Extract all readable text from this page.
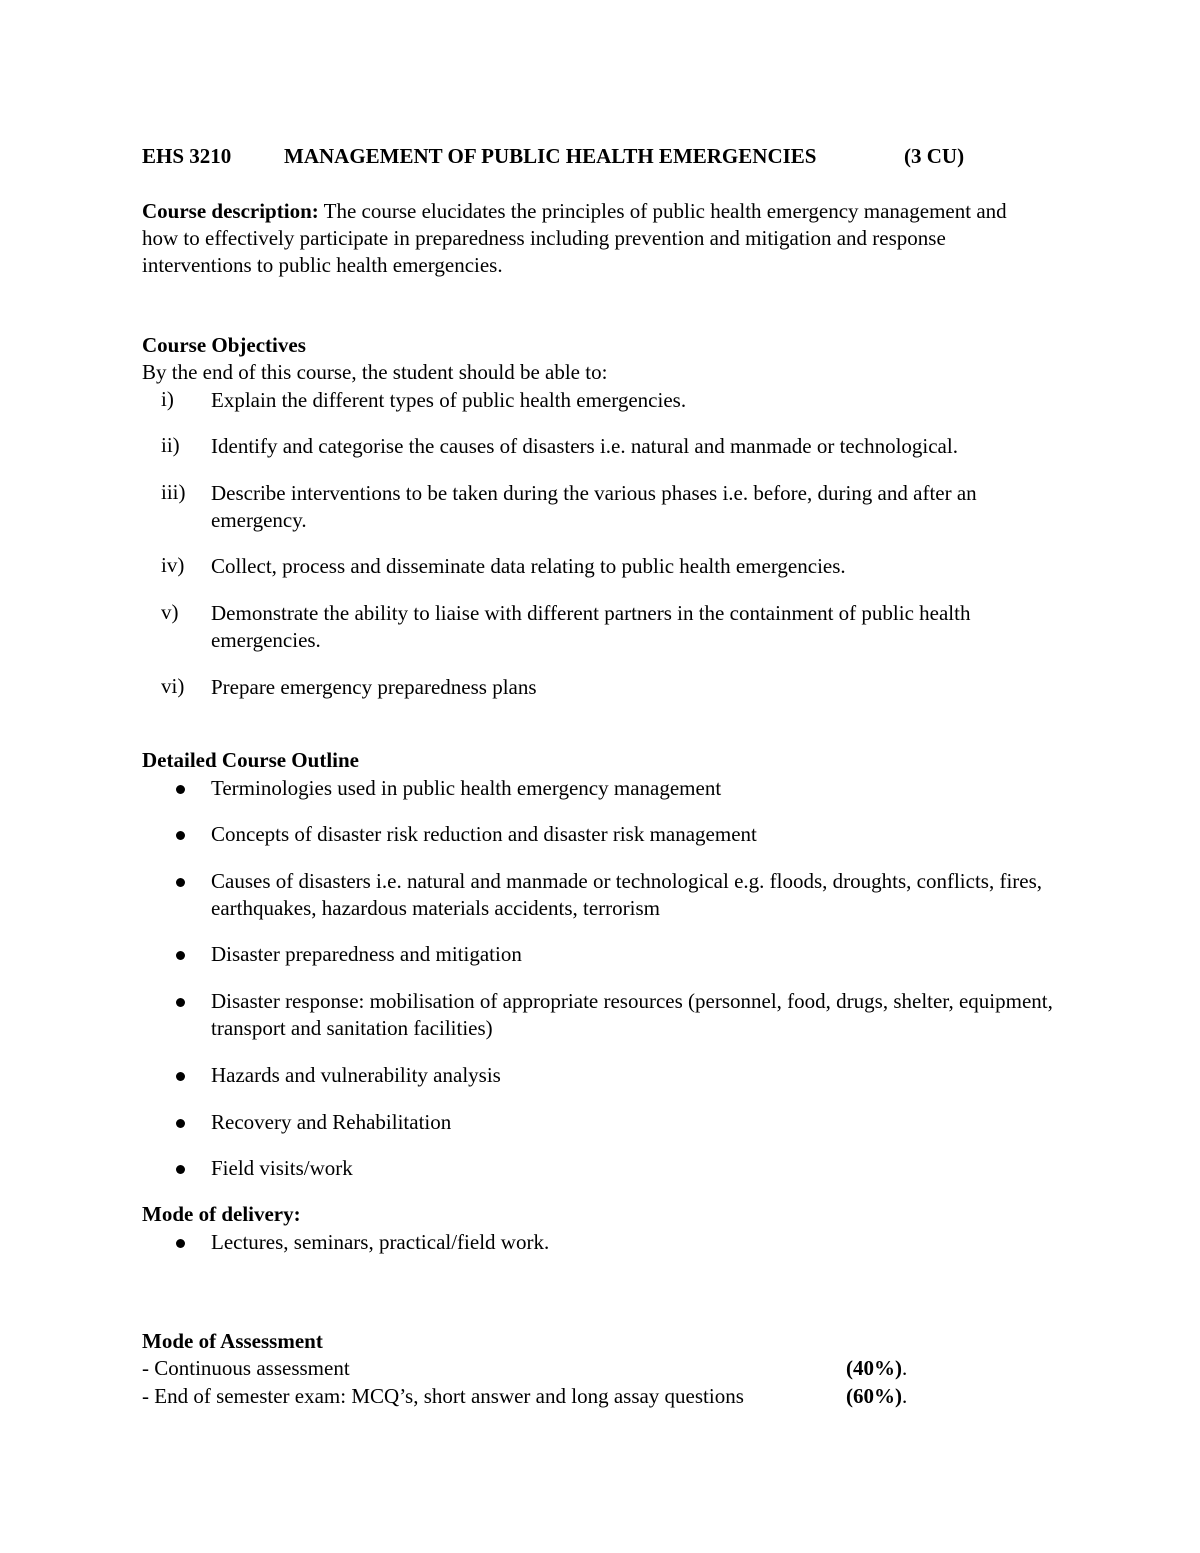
EHS 3210	MANAGEMENT OF PUBLIC HEALTH EMERGENCIES	(3 CU)
Course description: The course elucidates the principles of public health emergency management and how to effectively participate in preparedness including prevention and mitigation and response interventions to public health emergencies.
Course Objectives
By the end of this course, the student should be able to:
i) Explain the different types of public health emergencies.
ii) Identify and categorise the causes of disasters i.e. natural and manmade or technological.
iii) Describe interventions to be taken during the various phases i.e. before, during and after an emergency.
iv) Collect, process and disseminate data relating to public health emergencies.
v) Demonstrate the ability to liaise with different partners in the containment of public health emergencies.
vi) Prepare emergency preparedness plans
Detailed Course Outline
Terminologies used in public health emergency management
Concepts of disaster risk reduction and disaster risk management
Causes of disasters i.e. natural and manmade or technological e.g. floods, droughts, conflicts, fires, earthquakes, hazardous materials accidents, terrorism
Disaster preparedness and mitigation
Disaster response: mobilisation of appropriate resources (personnel, food, drugs, shelter, equipment, transport and sanitation facilities)
Hazards and vulnerability analysis
Recovery and Rehabilitation
Field visits/work
Mode of delivery:
Lectures, seminars, practical/field work.
Mode of Assessment
- Continuous assessment	(40%).
- End of semester exam: MCQ’s, short answer and long assay questions	(60%).
